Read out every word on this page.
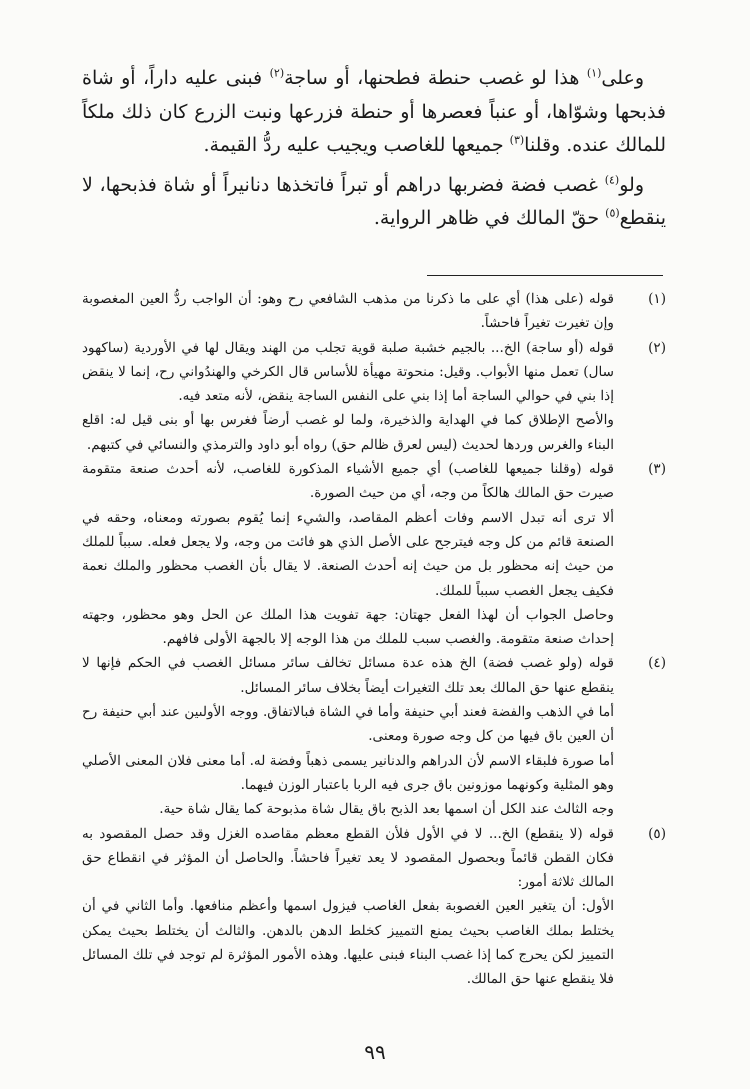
وعلى$^{(١)}$ هذا لو غصب حنطة فطحنها، أو ساجة$^{(٢)}$ فبنى عليه داراً، أو شاة فذبحها وشوّاها، أو عنباً فعصرها أو حنطة فزرعها ونبت الزرع كان ذلك ملكاً للمالك عنده. وقلنا$^{(٣)}$ جميعها للغاصب ويجيب عليه ردُّ القيمة.

ولو$^{(٤)}$ غصب فضة فضربها دراهم أو تبراً فاتخذها دنانيراً أو شاة فذبحها، لا ينقطع$^{(٥)}$ حقّ المالك في ظاهر الرواية.

(١)

قوله (على هذا) أي على ما ذكرنا من مذهب الشافعي رح وهو: أن الواجب ردُّ العين المغصوبة وإن تغيرت تغيراً فاحشاً.

(٢)

قوله (أو ساجة) الخ... بالجيم خشبة صلبة قوية تجلب من الهند ويقال لها في الأوردية (ساكهود سال) تعمل منها الأبواب. وقيل: منحوتة مهيأة للأساس قال الكرخي والهندُواني رح، إنما لا ينقض إذا بني في حوالي الساجة أما إذا بني على النفس الساجة ينقض، لأنه متعد فيه.

والأصح الإطلاق كما في الهداية والذخيرة، ولما لو غصب أرضاً فغرس بها أو بنى قيل له: اقلع البناء والغرس وردها لحديث (ليس لعرق ظالم حق) رواه أبو داود والترمذي والنسائي في كتبهم.

(٣)

قوله (وقلنا جميعها للغاصب) أي جميع الأشياء المذكورة للغاصب، لأنه أحدث صنعة متقومة صيرت حق المالك هالكاً من وجه، أي من حيث الصورة.

ألا ترى أنه تبدل الاسم وفات أعظم المقاصد، والشيء إنما يُقوم بصورته ومعناه، وحقه في الصنعة قائم من كل وجه فيترجح على الأصل الذي هو فائت من وجه، ولا يجعل فعله. سبباً للملك من حيث إنه محظور بل من حيث إنه أحدث الصنعة. لا يقال بأن الغصب محظور والملك نعمة فكيف يجعل الغصب سبباً للملك.

وحاصل الجواب أن لهذا الفعل جهتان: جهة تفويت هذا الملك عن الحل وهو محظور، وجهته إحداث صنعة متقومة. والغصب سبب للملك من هذا الوجه إلا بالجهة الأولى فافهم.

(٤)

قوله (ولو غصب فضة) الخ هذه عدة مسائل تخالف سائر مسائل الغصب في الحكم فإنها لا ينقطع عنها حق المالك بعد تلك التغيرات أيضاً بخلاف سائر المسائل.

أما في الذهب والفضة فعند أبي حنيفة وأما في الشاة فبالاتفاق. ووجه الأولىين عند أبي حنيفة رح أن العين باق فيها من كل وجه صورة ومعنى.

أما صورة فلبقاء الاسم لأن الدراهم والدنانير يسمى ذهباً وفضة له. أما معنى فلان المعنى الأصلي وهو المثلية وكونهما موزونين باق جرى فيه الربا باعتبار الوزن فيهما.

وجه الثالث عند الكل أن اسمها بعد الذبح باق يقال شاة مذبوحة كما يقال شاة حية.

(٥)

قوله (لا ينقطع) الخ... لا في الأول فلأن القطع معظم مقاصده الغزل وقد حصل المقصود به فكان القطن قائماً وبحصول المقصود لا يعد تغيراً فاحشاً. والحاصل أن المؤثر في انقطاع حق المالك ثلاثة أمور:

الأول: أن يتغير العين الغصوبة بفعل الغاصب فيزول اسمها وأعظم منافعها. وأما الثاني في أن يختلط بملك الغاصب بحيث يمنع التمييز كخلط الدهن بالدهن. والثالث أن يختلط بحيث يمكن التمييز لكن يحرج كما إذا غصب البناء فبنى عليها. وهذه الأمور المؤثرة لم توجد في تلك المسائل فلا ينقطع عنها حق المالك.

٩٩
